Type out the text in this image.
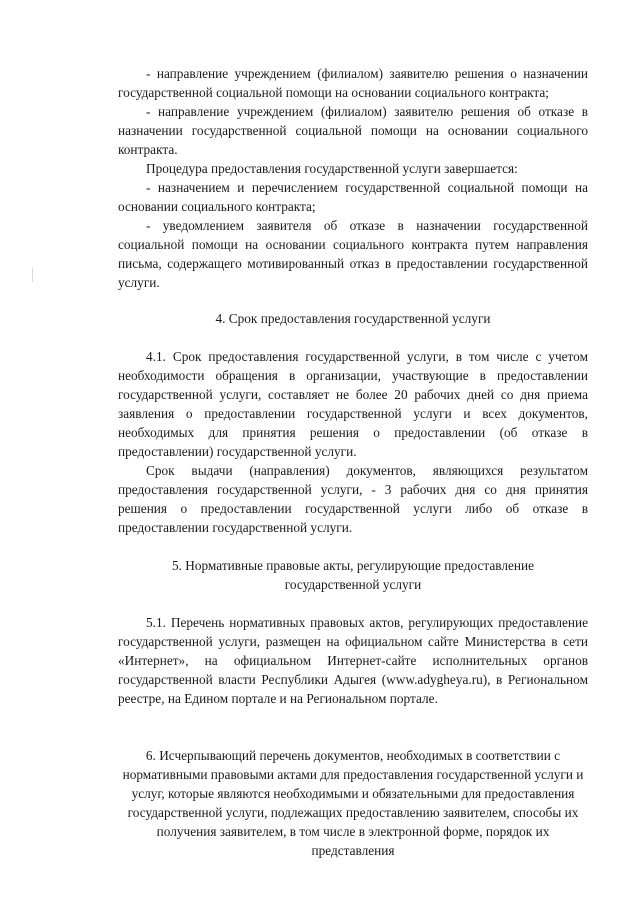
- направление учреждением (филиалом) заявителю решения о назначении государственной социальной помощи на основании социального контракта;

- направление учреждением (филиалом) заявителю решения об отказе в назначении государственной социальной помощи на основании социального контракта.

Процедура предоставления государственной услуги завершается:

- назначением и перечислением государственной социальной помощи на основании социального контракта;

- уведомлением заявителя об отказе в назначении государственной социальной помощи на основании социального контракта путем направления письма, содержащего мотивированный отказ в предоставлении государственной услуги.

4. Срок предоставления государственной услуги

4.1. Срок предоставления государственной услуги, в том числе с учетом необходимости обращения в организации, участвующие в предоставлении государственной услуги, составляет не более 20 рабочих дней со дня приема заявления о предоставлении государственной услуги и всех документов, необходимых для принятия решения о предоставлении (об отказе в предоставлении) государственной услуги.

Срок выдачи (направления) документов, являющихся результатом предоставления государственной услуги, - 3 рабочих дня со дня принятия решения о предоставлении государственной услуги либо об отказе в предоставлении государственной услуги.

5. Нормативные правовые акты, регулирующие предоставление
государственной услуги

5.1. Перечень нормативных правовых актов, регулирующих предоставление государственной услуги, размещен на официальном сайте Министерства в сети «Интернет», на официальном Интернет-сайте исполнительных органов государственной власти Республики Адыгея (www.adygheya.ru), в Региональном реестре, на Едином портале и на Региональном портале.

6. Исчерпывающий перечень документов, необходимых в соответствии с нормативными правовыми актами для предоставления государственной услуги и услуг, которые являются необходимыми и обязательными для предоставления государственной услуги, подлежащих предоставлению заявителем, способы их получения заявителем, в том числе в электронной форме, порядок их представления
